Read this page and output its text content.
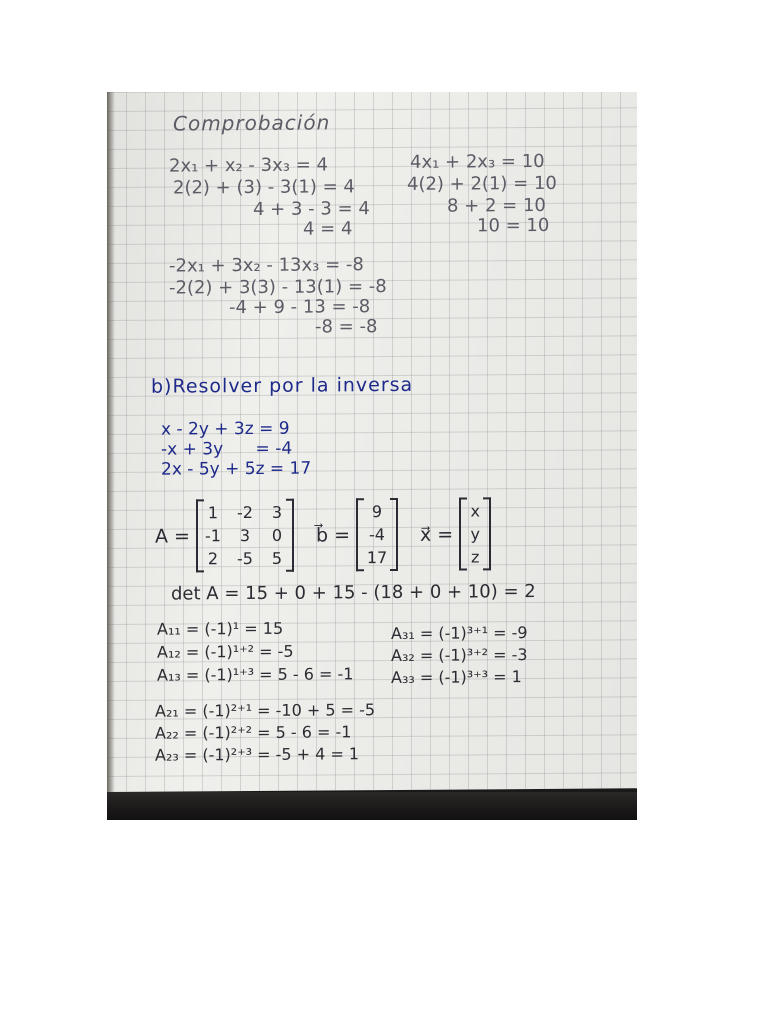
Comprobación
2x₁ + x₂ - 3x₃ = 4
2(2) + (3) - 3(1) = 4
4 + 3 - 3 = 4
4 = 4
4x₁ + 2x₃ = 10
4(2) + 2(1) = 10
8 + 2 = 10
10 = 10
-2x₁ + 3x₂ - 13x₃ = -8
-2(2) + 3(3) - 13(1) = -8
-4 + 9 - 13 = -8
-8 = -8
b)Resolver por la inversa
x - 2y + 3z = 9
-x + 3y      = -4
2x - 5y + 5z = 17
A =
1 -2 3
-1 3 0
2 -5 5
b⃗ =
9
-4
17
x⃗ =
x
y
z
det A = 15 + 0 + 15 - (18 + 0 + 10) = 2
A₁₁ = (-1)¹ = 15
A₁₂ = (-1)¹⁺² = -5
A₁₃ = (-1)¹⁺³ = 5 - 6 = -1
A₃₁ = (-1)³⁺¹ = -9
A₃₂ = (-1)³⁺² = -3
A₃₃ = (-1)³⁺³ = 1
A₂₁ = (-1)²⁺¹ = -10 + 5 = -5
A₂₂ = (-1)²⁺² = 5 - 6 = -1
A₂₃ = (-1)²⁺³ = -5 + 4 = 1
